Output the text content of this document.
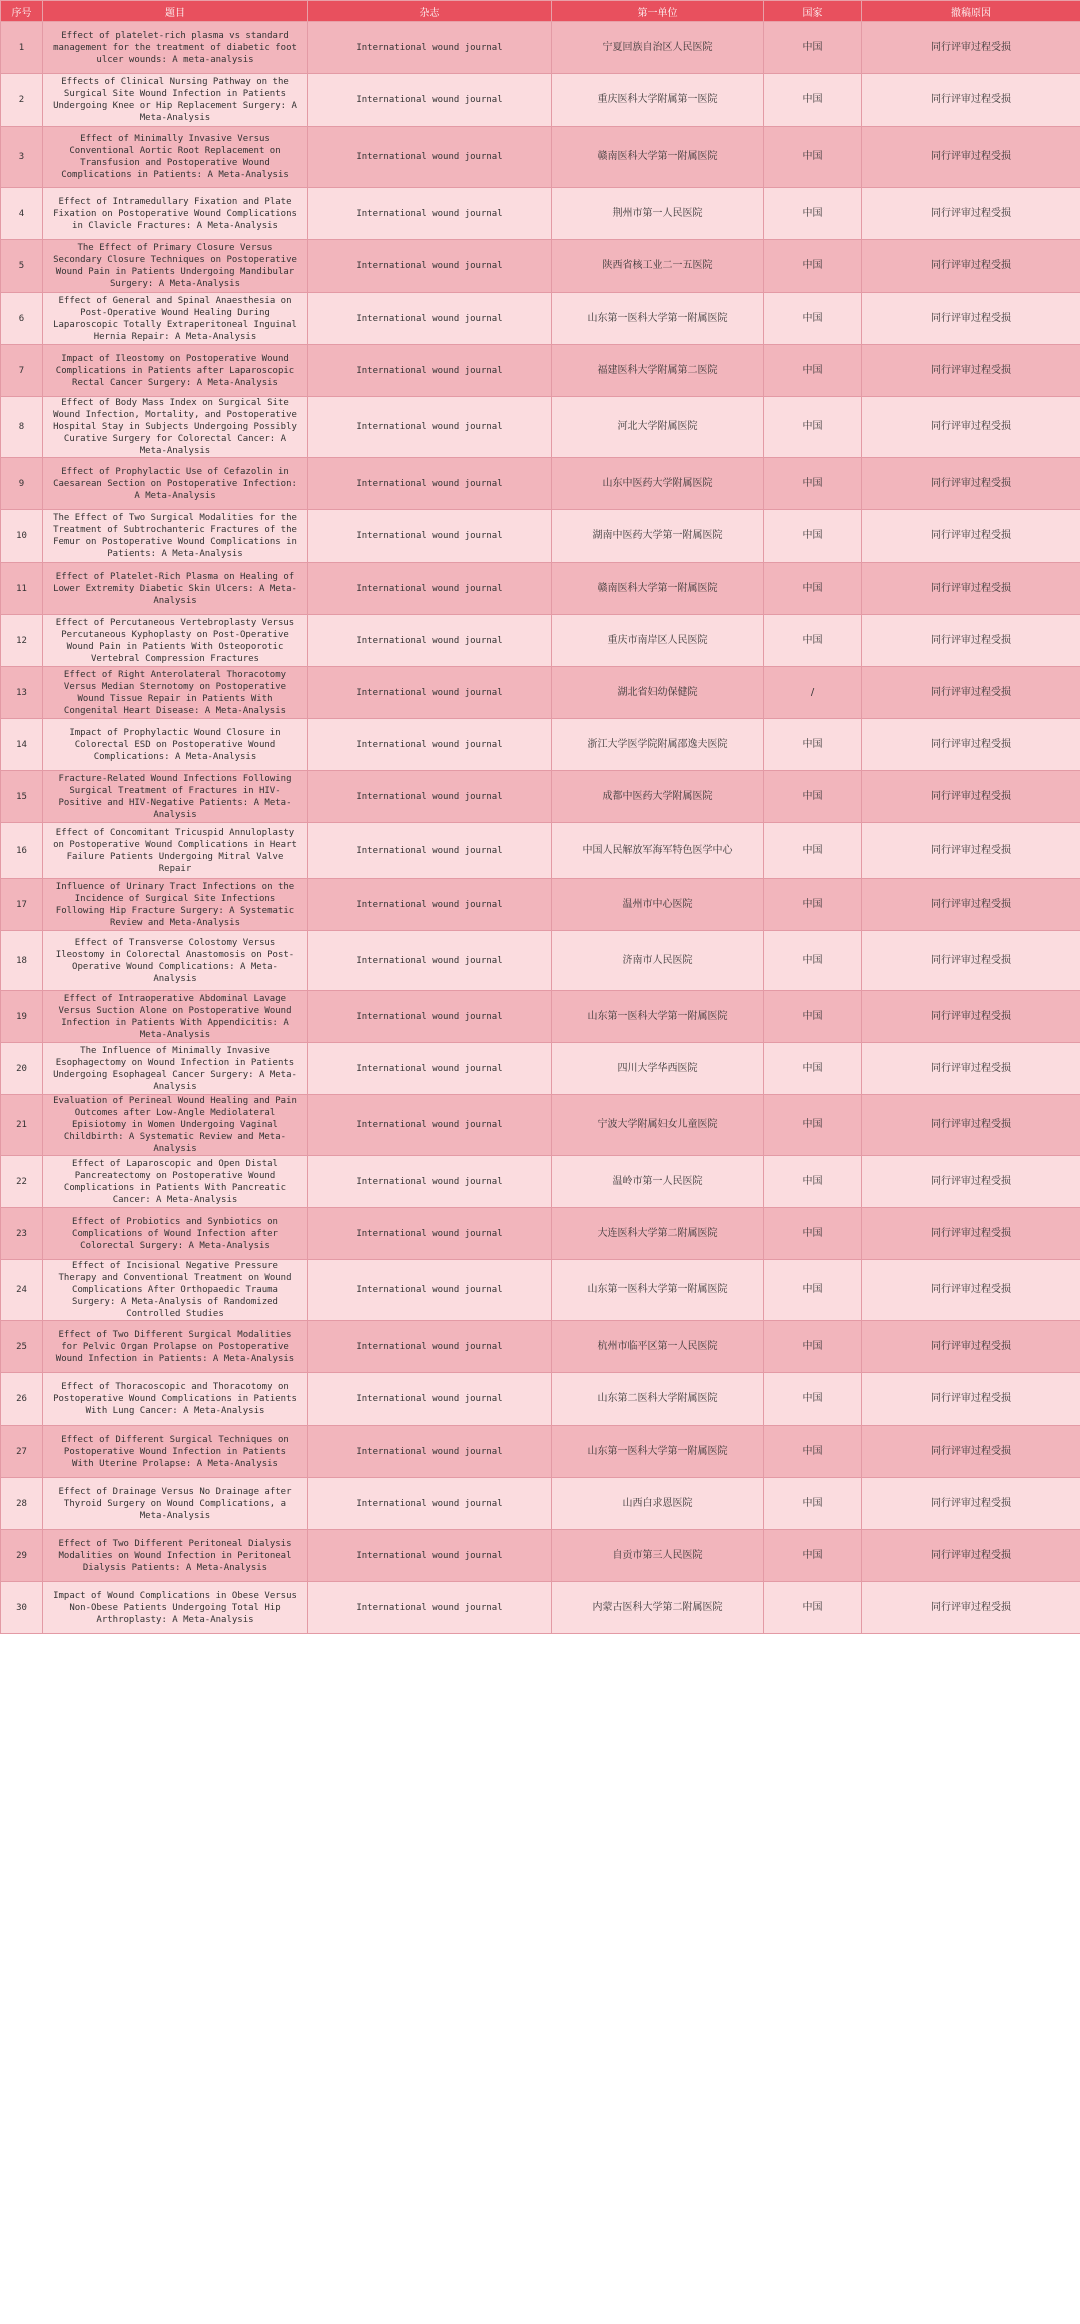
序号	题目	杂志	第一单位	国家	撤稿原因
1	Effect of platelet-rich plasma vs standard
management for the treatment of diabetic foot
ulcer wounds: A meta-analysis	International wound journal	宁夏回族自治区人民医院	中国	同行评审过程受损
2	Effects of Clinical Nursing Pathway on the
Surgical Site Wound Infection in Patients
Undergoing Knee or Hip Replacement Surgery: A
Meta-Analysis	International wound journal	重庆医科大学附属第一医院	中国	同行评审过程受损
3	Effect of Minimally Invasive Versus
Conventional Aortic Root Replacement on
Transfusion and Postoperative Wound
Complications in Patients: A Meta-Analysis	International wound journal	赣南医科大学第一附属医院	中国	同行评审过程受损
4	Effect of Intramedullary Fixation and Plate
Fixation on Postoperative Wound Complications
in Clavicle Fractures: A Meta-Analysis	International wound journal	荆州市第一人民医院	中国	同行评审过程受损
5	The Effect of Primary Closure Versus
Secondary Closure Techniques on Postoperative
Wound Pain in Patients Undergoing Mandibular
Surgery: A Meta-Analysis	International wound journal	陕西省核工业二一五医院	中国	同行评审过程受损
6	Effect of General and Spinal Anaesthesia on
Post-Operative Wound Healing During
Laparoscopic Totally Extraperitoneal Inguinal
Hernia Repair: A Meta-Analysis	International wound journal	山东第一医科大学第一附属医院	中国	同行评审过程受损
7	Impact of Ileostomy on Postoperative Wound
Complications in Patients after Laparoscopic
Rectal Cancer Surgery: A Meta-Analysis	International wound journal	福建医科大学附属第二医院	中国	同行评审过程受损
8	Effect of Body Mass Index on Surgical Site
Wound Infection, Mortality, and Postoperative
Hospital Stay in Subjects Undergoing Possibly
Curative Surgery for Colorectal Cancer: A
Meta-Analysis	International wound journal	河北大学附属医院	中国	同行评审过程受损
9	Effect of Prophylactic Use of Cefazolin in
Caesarean Section on Postoperative Infection:
A Meta-Analysis	International wound journal	山东中医药大学附属医院	中国	同行评审过程受损
10	The Effect of Two Surgical Modalities for the
Treatment of Subtrochanteric Fractures of the
Femur on Postoperative Wound Complications in
Patients: A Meta-Analysis	International wound journal	湖南中医药大学第一附属医院	中国	同行评审过程受损
11	Effect of Platelet-Rich Plasma on Healing of
Lower Extremity Diabetic Skin Ulcers: A Meta-
Analysis	International wound journal	赣南医科大学第一附属医院	中国	同行评审过程受损
12	Effect of Percutaneous Vertebroplasty Versus
Percutaneous Kyphoplasty on Post-Operative
Wound Pain in Patients With Osteoporotic
Vertebral Compression Fractures	International wound journal	重庆市南岸区人民医院	中国	同行评审过程受损
13	Effect of Right Anterolateral Thoracotomy
Versus Median Sternotomy on Postoperative
Wound Tissue Repair in Patients With
Congenital Heart Disease: A Meta-Analysis	International wound journal	湖北省妇幼保健院	/	同行评审过程受损
14	Impact of Prophylactic Wound Closure in
Colorectal ESD on Postoperative Wound
Complications: A Meta-Analysis	International wound journal	浙江大学医学院附属邵逸夫医院	中国	同行评审过程受损
15	Fracture-Related Wound Infections Following
Surgical Treatment of Fractures in HIV-
Positive and HIV-Negative Patients: A Meta-
Analysis	International wound journal	成都中医药大学附属医院	中国	同行评审过程受损
16	Effect of Concomitant Tricuspid Annuloplasty
on Postoperative Wound Complications in Heart
Failure Patients Undergoing Mitral Valve
Repair	International wound journal	中国人民解放军海军特色医学中心	中国	同行评审过程受损
17	Influence of Urinary Tract Infections on the
Incidence of Surgical Site Infections
Following Hip Fracture Surgery: A Systematic
Review and Meta-Analysis	International wound journal	温州市中心医院	中国	同行评审过程受损
18	Effect of Transverse Colostomy Versus
Ileostomy in Colorectal Anastomosis on Post-
Operative Wound Complications: A Meta-
Analysis	International wound journal	济南市人民医院	中国	同行评审过程受损
19	Effect of Intraoperative Abdominal Lavage
Versus Suction Alone on Postoperative Wound
Infection in Patients With Appendicitis: A
Meta-Analysis	International wound journal	山东第一医科大学第一附属医院	中国	同行评审过程受损
20	The Influence of Minimally Invasive
Esophagectomy on Wound Infection in Patients
Undergoing Esophageal Cancer Surgery: A Meta-
Analysis	International wound journal	四川大学华西医院	中国	同行评审过程受损
21	Evaluation of Perineal Wound Healing and Pain
Outcomes after Low-Angle Mediolateral
Episiotomy in Women Undergoing Vaginal
Childbirth: A Systematic Review and Meta-
Analysis	International wound journal	宁波大学附属妇女儿童医院	中国	同行评审过程受损
22	Effect of Laparoscopic and Open Distal
Pancreatectomy on Postoperative Wound
Complications in Patients With Pancreatic
Cancer: A Meta-Analysis	International wound journal	温岭市第一人民医院	中国	同行评审过程受损
23	Effect of Probiotics and Synbiotics on
Complications of Wound Infection after
Colorectal Surgery: A Meta-Analysis	International wound journal	大连医科大学第二附属医院	中国	同行评审过程受损
24	Effect of Incisional Negative Pressure
Therapy and Conventional Treatment on Wound
Complications After Orthopaedic Trauma
Surgery: A Meta-Analysis of Randomized
Controlled Studies	International wound journal	山东第一医科大学第一附属医院	中国	同行评审过程受损
25	Effect of Two Different Surgical Modalities
for Pelvic Organ Prolapse on Postoperative
Wound Infection in Patients: A Meta-Analysis	International wound journal	杭州市临平区第一人民医院	中国	同行评审过程受损
26	Effect of Thoracoscopic and Thoracotomy on
Postoperative Wound Complications in Patients
With Lung Cancer: A Meta-Analysis	International wound journal	山东第二医科大学附属医院	中国	同行评审过程受损
27	Effect of Different Surgical Techniques on
Postoperative Wound Infection in Patients
With Uterine Prolapse: A Meta-Analysis	International wound journal	山东第一医科大学第一附属医院	中国	同行评审过程受损
28	Effect of Drainage Versus No Drainage after
Thyroid Surgery on Wound Complications, a
Meta-Analysis	International wound journal	山西白求恩医院	中国	同行评审过程受损
29	Effect of Two Different Peritoneal Dialysis
Modalities on Wound Infection in Peritoneal
Dialysis Patients: A Meta-Analysis	International wound journal	自贡市第三人民医院	中国	同行评审过程受损
30	Impact of Wound Complications in Obese Versus
Non-Obese Patients Undergoing Total Hip
Arthroplasty: A Meta-Analysis	International wound journal	内蒙古医科大学第二附属医院	中国	同行评审过程受损
